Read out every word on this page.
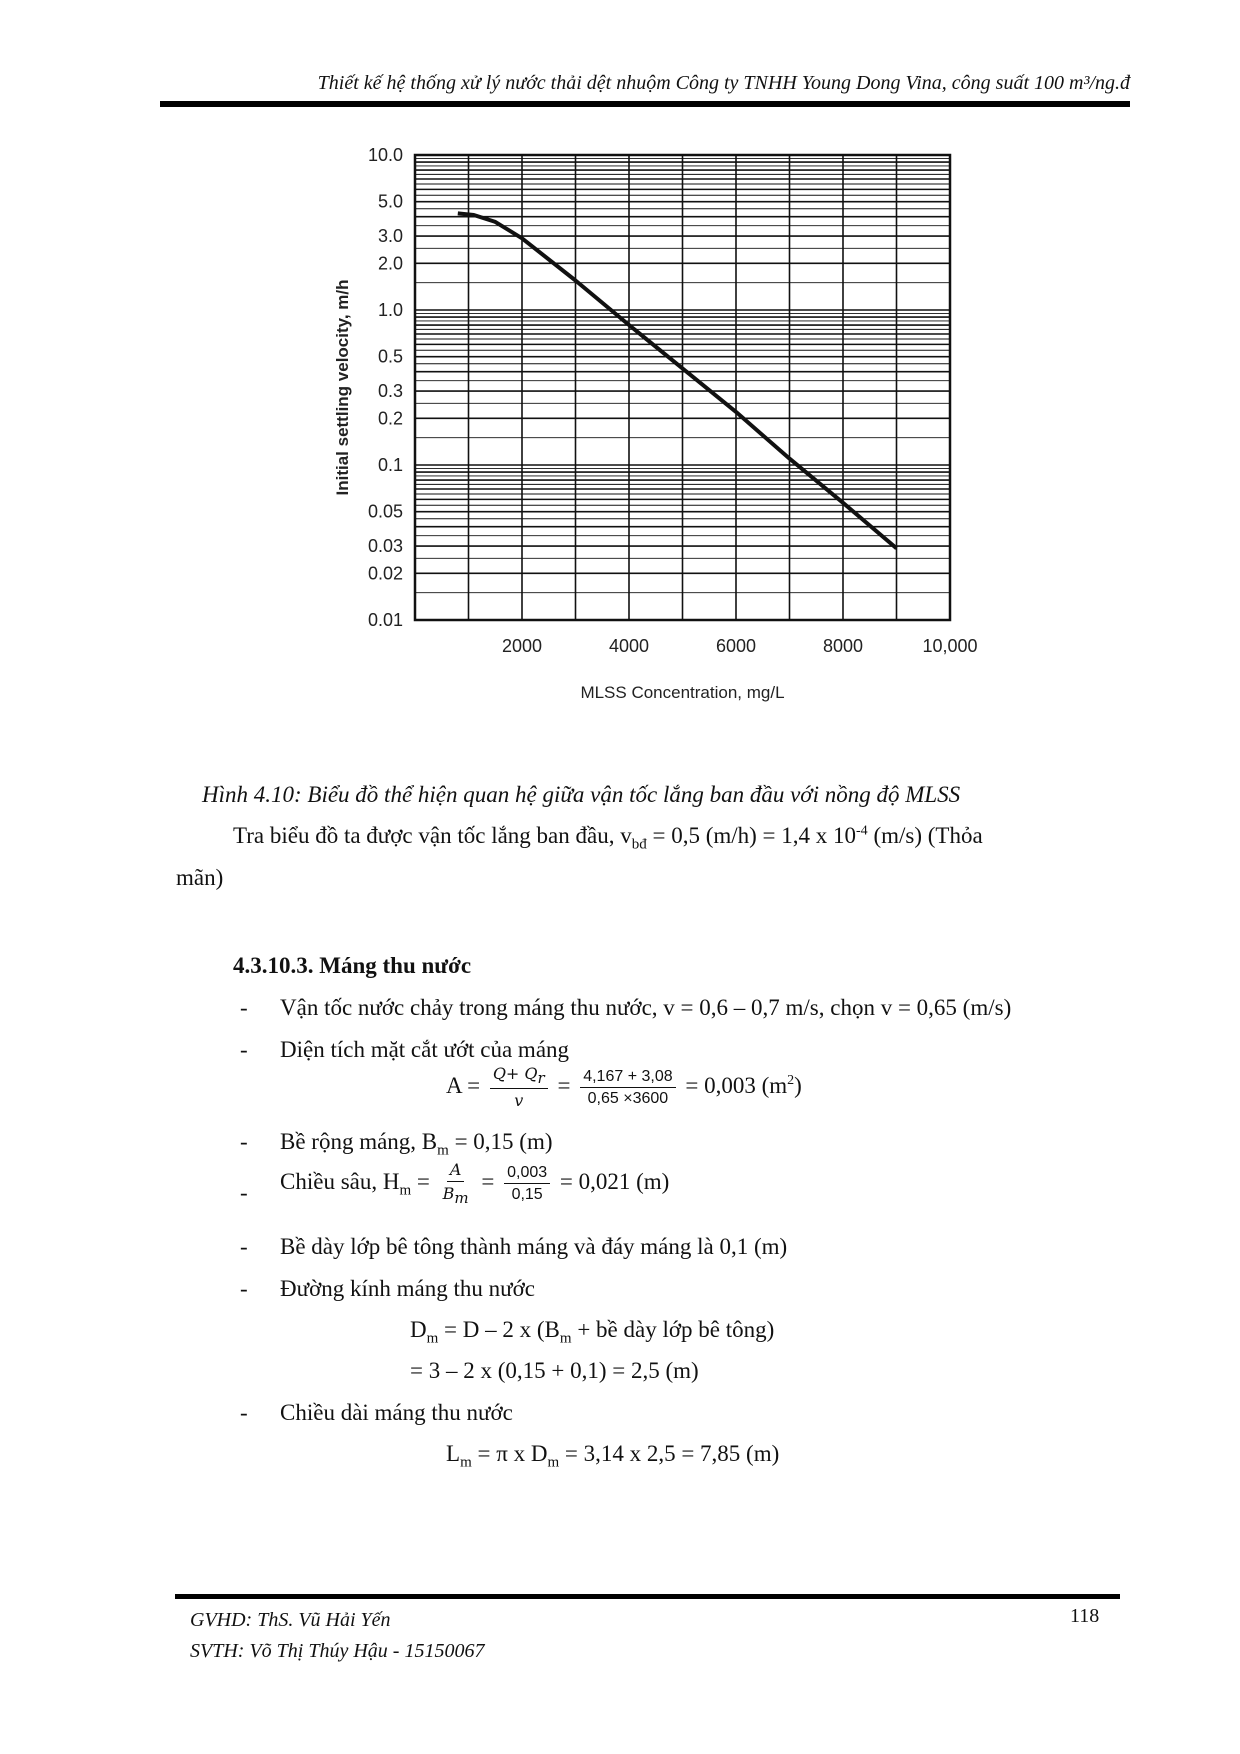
Thiết kế hệ thống xử lý nước thải dệt nhuộm Công ty TNHH Young Dong Vina, công suất 100 m³/ng.đ
10.0
5.0
3.0
2.0
1.0
0.5
0.3
0.2
0.1
0.05
0.03
0.02
0.01
2000	4000	6000	8000	10,000
Initial settling velocity, m/h
MLSS Concentration, mg/L
Hình 4.10: Biểu đồ thể hiện quan hệ giữa vận tốc lắng ban đầu với nồng độ MLSS
Tra biểu đồ ta được vận tốc lắng ban đầu, $v_{bđ} = 0,5$ (m/h) = 1,4 x $10^{-4}$ (m/s) (Thỏa
mãn)
4.3.10.3. Máng thu nước
- Vận tốc nước chảy trong máng thu nước, v = 0,6 – 0,7 m/s, chọn v = 0,65 (m/s)
- Diện tích mặt cắt ướt của máng
$A = \frac{Q+ Q_r}{v} = \frac{4,167 + 3,08}{0,65 \times 3600} = 0,003$ $(m^2)$
- Bề rộng máng, $B_m = 0,15$ (m)
- Chiều sâu, $H_m = \frac{A}{B_m} = \frac{0,003}{0,15} = 0,021$ (m)
- Bề dày lớp bê tông thành máng và đáy máng là 0,1 (m)
- Đường kính máng thu nước
$D_m = D - 2$ x ($B_m$ + bề dày lớp bê tông)
= 3 – 2 x (0,15 + 0,1) = 2,5 (m)
- Chiều dài máng thu nước
$L_m = \pi$ x $D_m = 3,14$ x 2,5 = 7,85 (m)
GVHD: ThS. Vũ Hải Yến
SVTH: Võ Thị Thúy Hậu - 15150067
118
